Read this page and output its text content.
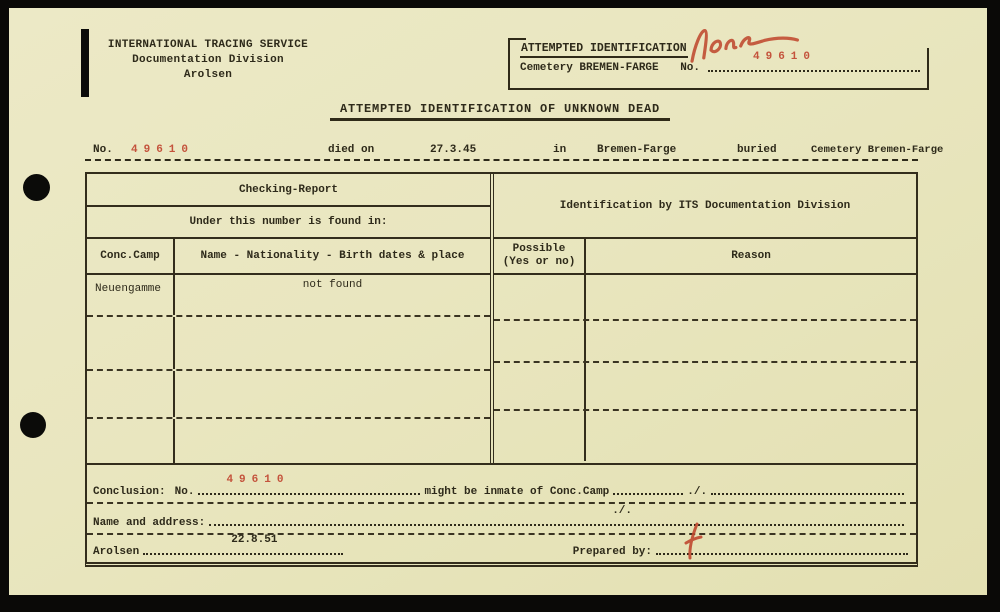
INTERNATIONAL TRACING SERVICE
Documentation Division
Arolsen
ATTEMPTED IDENTIFICATION
Cemetery BREMEN-FARGE No.
49610
ATTEMPTED IDENTIFICATION OF UNKNOWN DEAD
No. 49610	died on	27.3.45	in	Bremen-Farge	buried	Cemetery Bremen-Farge
Checking-Report
Under this number is found in:
Conc.Camp	Name - Nationality - Birth dates & place
Neuengamme	not found
Identification by ITS Documentation Division
Possible
(Yes or no)	Reason
Conclusion: No.
49610
might be inmate of Conc.Camp	./.
Name and address:
./.
Arolsen
22.8.51
Prepared by:
